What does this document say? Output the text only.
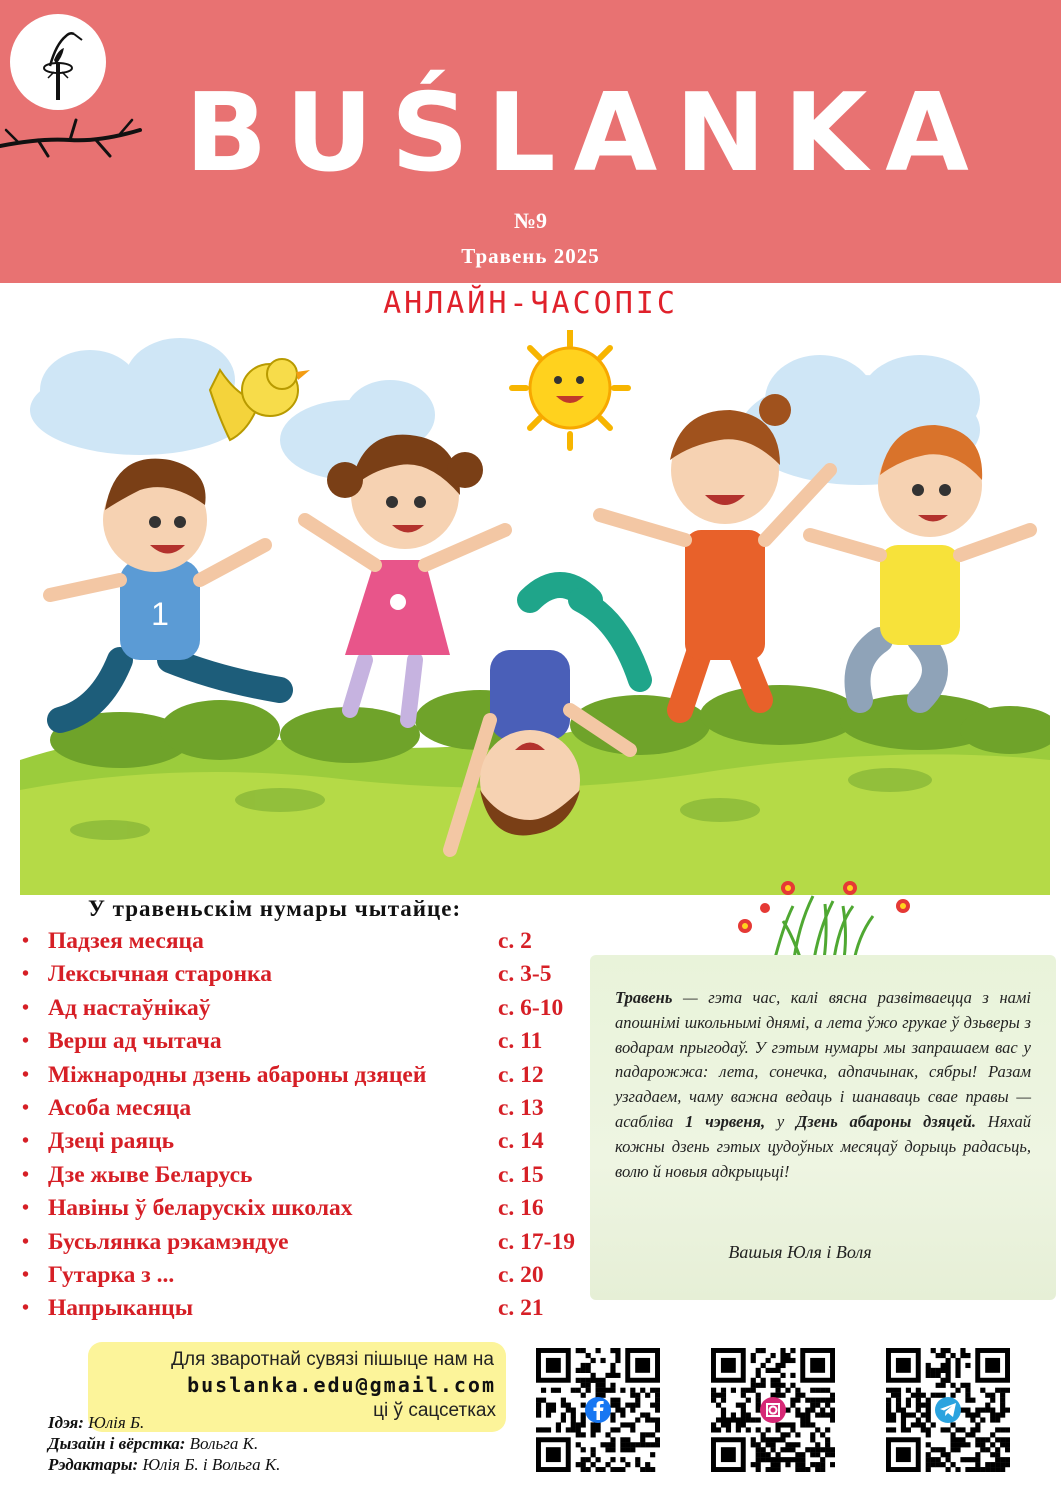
BUŚLANKA
№9
Травень 2025
АНЛАЙН-ЧАСОПІС
1
У травеньскім нумары чытайце:
• Падзея месяца	с. 2
• Лексычная старонка	с. 3-5
• Ад настаўнікаў	с. 6-10
• Верш ад чытача	с. 11
• Міжнародны дзень абароны дзяцей	с. 12
• Асоба месяца	с. 13
• Дзеці раяць	с. 14
• Дзе жыве Беларусь	с. 15
• Навіны ў беларускіх школах	с. 16
• Бусьлянка рэкамэндуе	с. 17-19
• Гутарка з ...	с. 20
• Напрыканцы	с. 21
Травень — гэта час, калі вясна развітваецца з намі апошнімі школьнымі днямі, а лета ўжо грукае ў дзьверы з водарам прыгодаў. У гэтым нумары мы запрашаем вас у падарожжа: лета, сонечка, адпачынак, сябры! Разам узгадаем, чаму важна ведаць і шанаваць свае правы — асабліва 1 чэрвеня, у Дзень абароны дзяцей. Няхай кожны дзень гэтых цудоўных месяцаў дорыць радасьць, волю й новыя адкрыцьці!
Вашыя Юля і Воля
Для зваротнай сувязі пішыце нам на
buslanka.edu@gmail.com
ці ў сацсетках
Ідэя: Юлія Б.
Дызайн і вёрстка: Вольга К.
Рэдактары: Юлія Б. і Вольга К.
